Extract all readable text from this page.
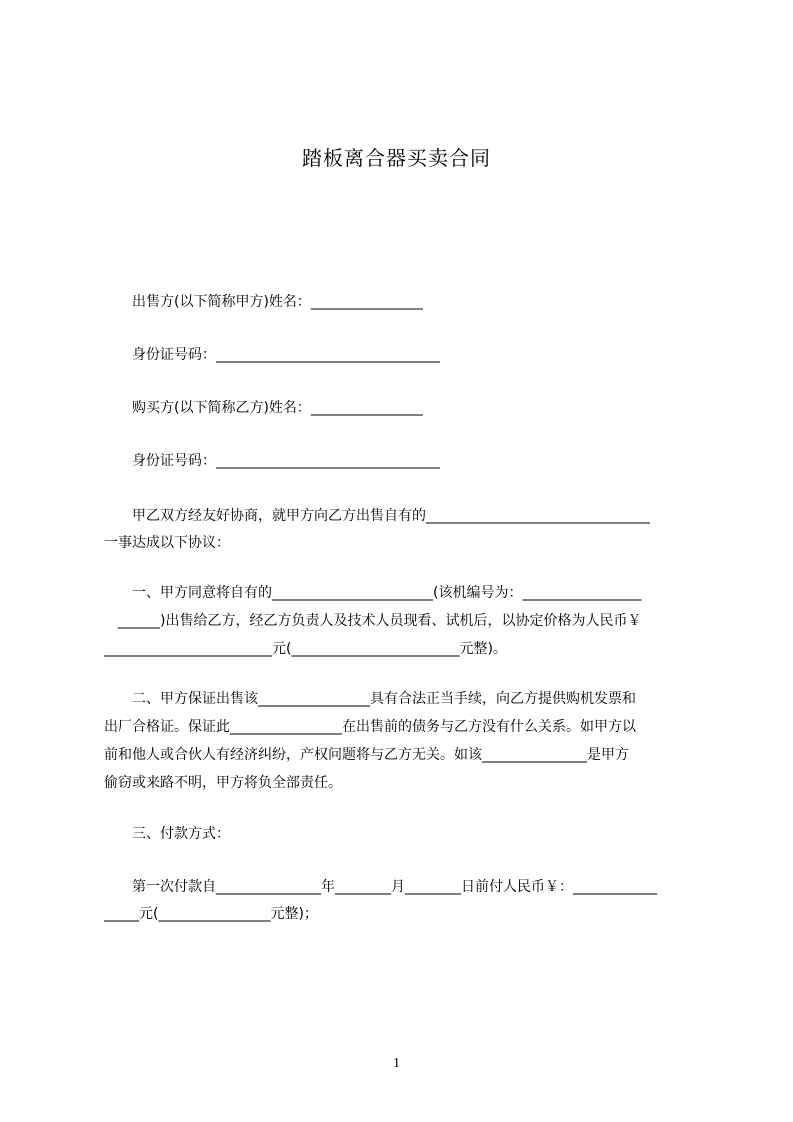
踏板离合器买卖合同
　　出售方(以下简称甲方)姓名：________________
　　身份证号码：________________________________
　　购买方(以下简称乙方)姓名：________________
　　身份证号码：________________________________
　　甲乙双方经友好协商，就甲方向乙方出售自有的________________________________
一事达成以下协议：
　　一、甲方同意将自有的_______________________(该机编号为：_________________
　______)出售给乙方，经乙方负责人及技术人员现看、试机后，以协定价格为人民币￥
________________________元(________________________元整)。
　　二、甲方保证出售该________________具有合法正当手续，向乙方提供购机发票和
出厂合格证。保证此________________在出售前的债务与乙方没有什么关系。如甲方以
前和他人或合伙人有经济纠纷，产权问题将与乙方无关。如该_______________是甲方
偷窃或来路不明，甲方将负全部责任。
　　三、付款方式：
　　第一次付款自_______________年________月________日前付人民币￥：____________
_____元(________________元整)；
1
